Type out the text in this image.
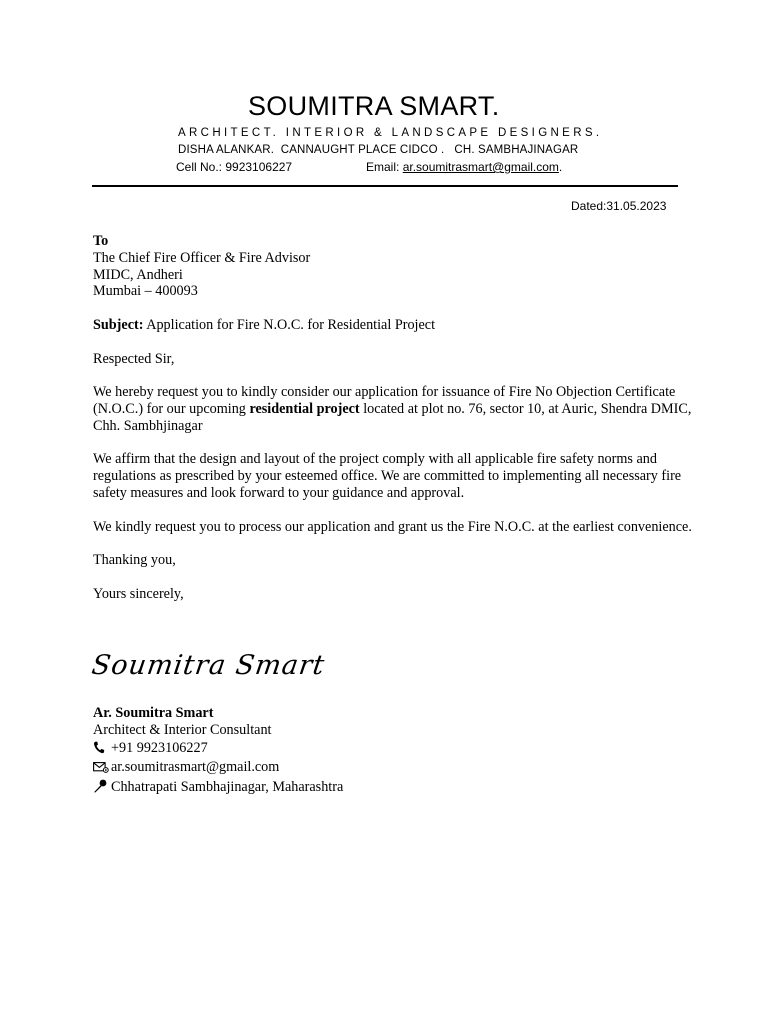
SOUMITRA SMART.
ARCHITECT. INTERIOR & LANDSCAPE DESIGNERS.
DISHA ALANKAR.  CANNAUGHT PLACE CIDCO .   CH. SAMBHAJINAGAR
Cell No.: 9923106227	Email: ar.soumitrasmart@gmail.com.
Dated:31.05.2023

To
The Chief Fire Officer & Fire Advisor
MIDC, Andheri
Mumbai – 400093

Subject: Application for Fire N.O.C. for Residential Project

Respected Sir,

We hereby request you to kindly consider our application for issuance of Fire No Objection Certificate (N.O.C.) for our upcoming residential project located at plot no. 76, sector 10, at Auric, Shendra DMIC, Chh. Sambhjinagar

We affirm that the design and layout of the project comply with all applicable fire safety norms and regulations as prescribed by your esteemed office. We are committed to implementing all necessary fire safety measures and look forward to your guidance and approval.

We kindly request you to process our application and grant us the Fire N.O.C. at the earliest convenience.

Thanking you,

Yours sincerely,

Soumitra Smart
Ar. Soumitra Smart
Architect & Interior Consultant
+91 9923106227
ar.soumitrasmart@gmail.com
Chhatrapati Sambhajinagar, Maharashtra
